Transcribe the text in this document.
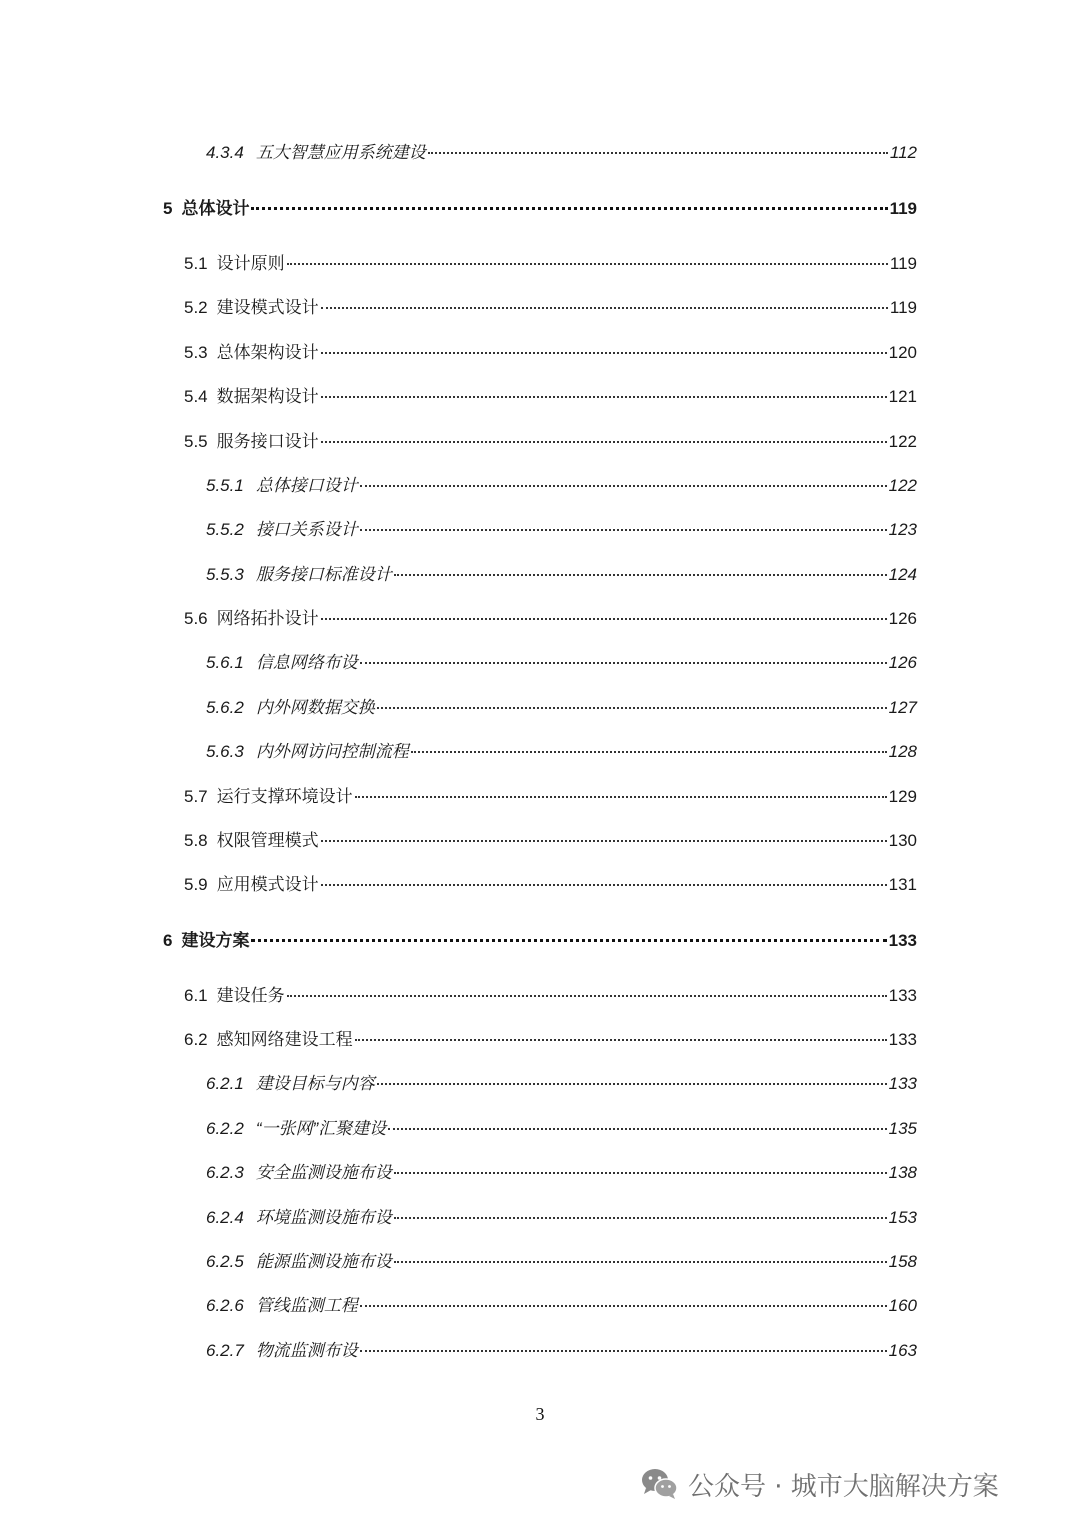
4.3.4 五大智慧应用系统建设	112
5 总体设计	119
5.1 设计原则	119
5.2 建设模式设计	119
5.3 总体架构设计	120
5.4 数据架构设计	121
5.5 服务接口设计	122
5.5.1 总体接口设计	122
5.5.2 接口关系设计	123
5.5.3 服务接口标准设计	124
5.6 网络拓扑设计	126
5.6.1 信息网络布设	126
5.6.2 内外网数据交换	127
5.6.3 内外网访问控制流程	128
5.7 运行支撑环境设计	129
5.8 权限管理模式	130
5.9 应用模式设计	131
6 建设方案	133
6.1 建设任务	133
6.2 感知网络建设工程	133
6.2.1 建设目标与内容	133
6.2.2 “一张网”汇聚建设	135
6.2.3 安全监测设施布设	138
6.2.4 环境监测设施布设	153
6.2.5 能源监测设施布设	158
6.2.6 管线监测工程	160
6.2.7 物流监测布设	163
3
公众号 · 城市大脑解决方案
